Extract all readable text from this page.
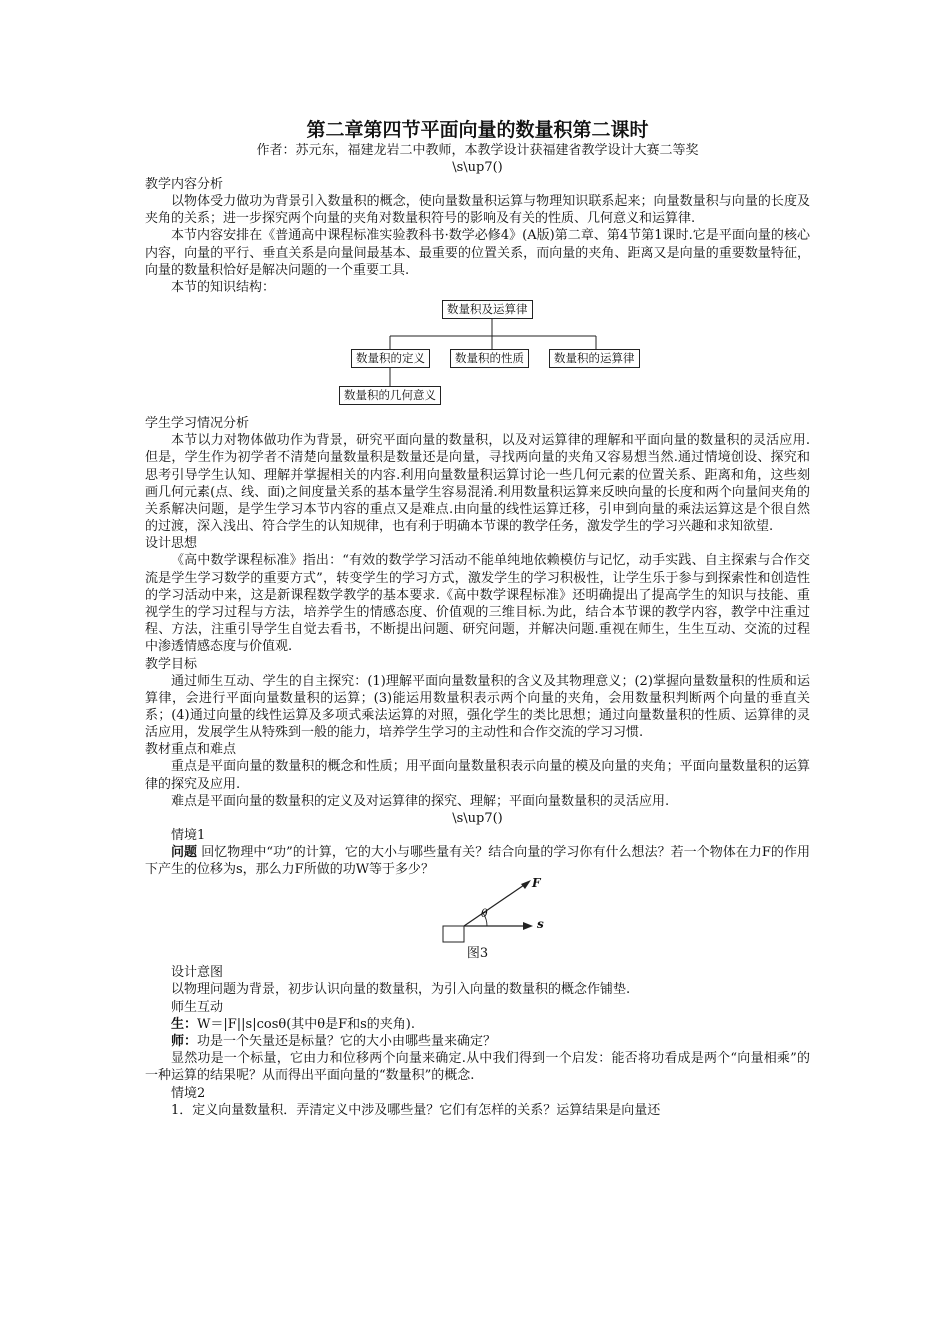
第二章第四节平面向量的数量积第二课时
作者：苏元东，福建龙岩二中教师，本教学设计获福建省教学设计大赛二等奖
\s\up7()
教学内容分析

以物体受力做功为背景引入数量积的概念，使向量数量积运算与物理知识联系起来；向量数量积与向量的长度及夹角的关系；进一步探究两个向量的夹角对数量积符号的影响及有关的性质、几何意义和运算律.

本节内容安排在《普通高中课程标准实验教科书·数学必修4》(A版)第二章、第4节第1课时.它是平面向量的核心内容，向量的平行、垂直关系是向量间最基本、最重要的位置关系，而向量的夹角、距离又是向量的重要数量特征，向量的数量积恰好是解决问题的一个重要工具.

本节的知识结构：

数量积及运算律
数量积的定义	数量积的性质	数量积的运算律
数量积的几何意义
学生学习情况分析

本节以力对物体做功作为背景，研究平面向量的数量积，以及对运算律的理解和平面向量的数量积的灵活应用.但是，学生作为初学者不清楚向量数量积是数量还是向量，寻找两向量的夹角又容易想当然.通过情境创设、探究和思考引导学生认知、理解并掌握相关的内容.利用向量数量积运算讨论一些几何元素的位置关系、距离和角，这些刻画几何元素(点、线、面)之间度量关系的基本量学生容易混淆.利用数量积运算来反映向量的长度和两个向量间夹角的关系解决问题，是学生学习本节内容的重点又是难点.由向量的线性运算迁移，引申到向量的乘法运算这是个很自然的过渡，深入浅出、符合学生的认知规律，也有利于明确本节课的教学任务，激发学生的学习兴趣和求知欲望.

设计思想

《高中数学课程标准》指出：“有效的数学学习活动不能单纯地依赖模仿与记忆，动手实践、自主探索与合作交流是学生学习数学的重要方式”，转变学生的学习方式，激发学生的学习积极性，让学生乐于参与到探索性和创造性的学习活动中来，这是新课程数学教学的基本要求.《高中数学课程标准》还明确提出了提高学生的知识与技能、重视学生的学习过程与方法，培养学生的情感态度、价值观的三维目标.为此，结合本节课的教学内容，教学中注重过程、方法，注重引导学生自觉去看书，不断提出问题、研究问题，并解决问题.重视在师生，生生互动、交流的过程中渗透情感态度与价值观.

教学目标

通过师生互动、学生的自主探究：(1)理解平面向量数量积的含义及其物理意义；(2)掌握向量数量积的性质和运算律，会进行平面向量数量积的运算；(3)能运用数量积表示两个向量的夹角，会用数量积判断两个向量的垂直关系；(4)通过向量的线性运算及多项式乘法运算的对照，强化学生的类比思想；通过向量数量积的性质、运算律的灵活应用，发展学生从特殊到一般的能力，培养学生学习的主动性和合作交流的学习习惯.

教材重点和难点

重点是平面向量的数量积的概念和性质；用平面向量数量积表示向量的模及向量的夹角；平面向量数量积的运算律的探究及应用.

难点是平面向量的数量积的定义及对运算律的探究、理解；平面向量数量积的灵活应用.

\s\up7()
情境1

问题 回忆物理中“功”的计算，它的大小与哪些量有关？结合向量的学习你有什么想法？若一个物体在力F的作用下产生的位移为s，那么力F所做的功W等于多少？

F
θ
s
图3
设计意图

以物理问题为背景，初步认识向量的数量积，为引入向量的数量积的概念作铺垫.

师生互动

生：W＝|F||s|cosθ(其中θ是F和s的夹角).

师：功是一个矢量还是标量？它的大小由哪些量来确定？

显然功是一个标量，它由力和位移两个向量来确定.从中我们得到一个启发：能否将功看成是两个“向量相乘”的一种运算的结果呢？从而得出平面向量的“数量积”的概念.

情境2

1．定义向量数量积．弄清定义中涉及哪些量？它们有怎样的关系？运算结果是向量还
